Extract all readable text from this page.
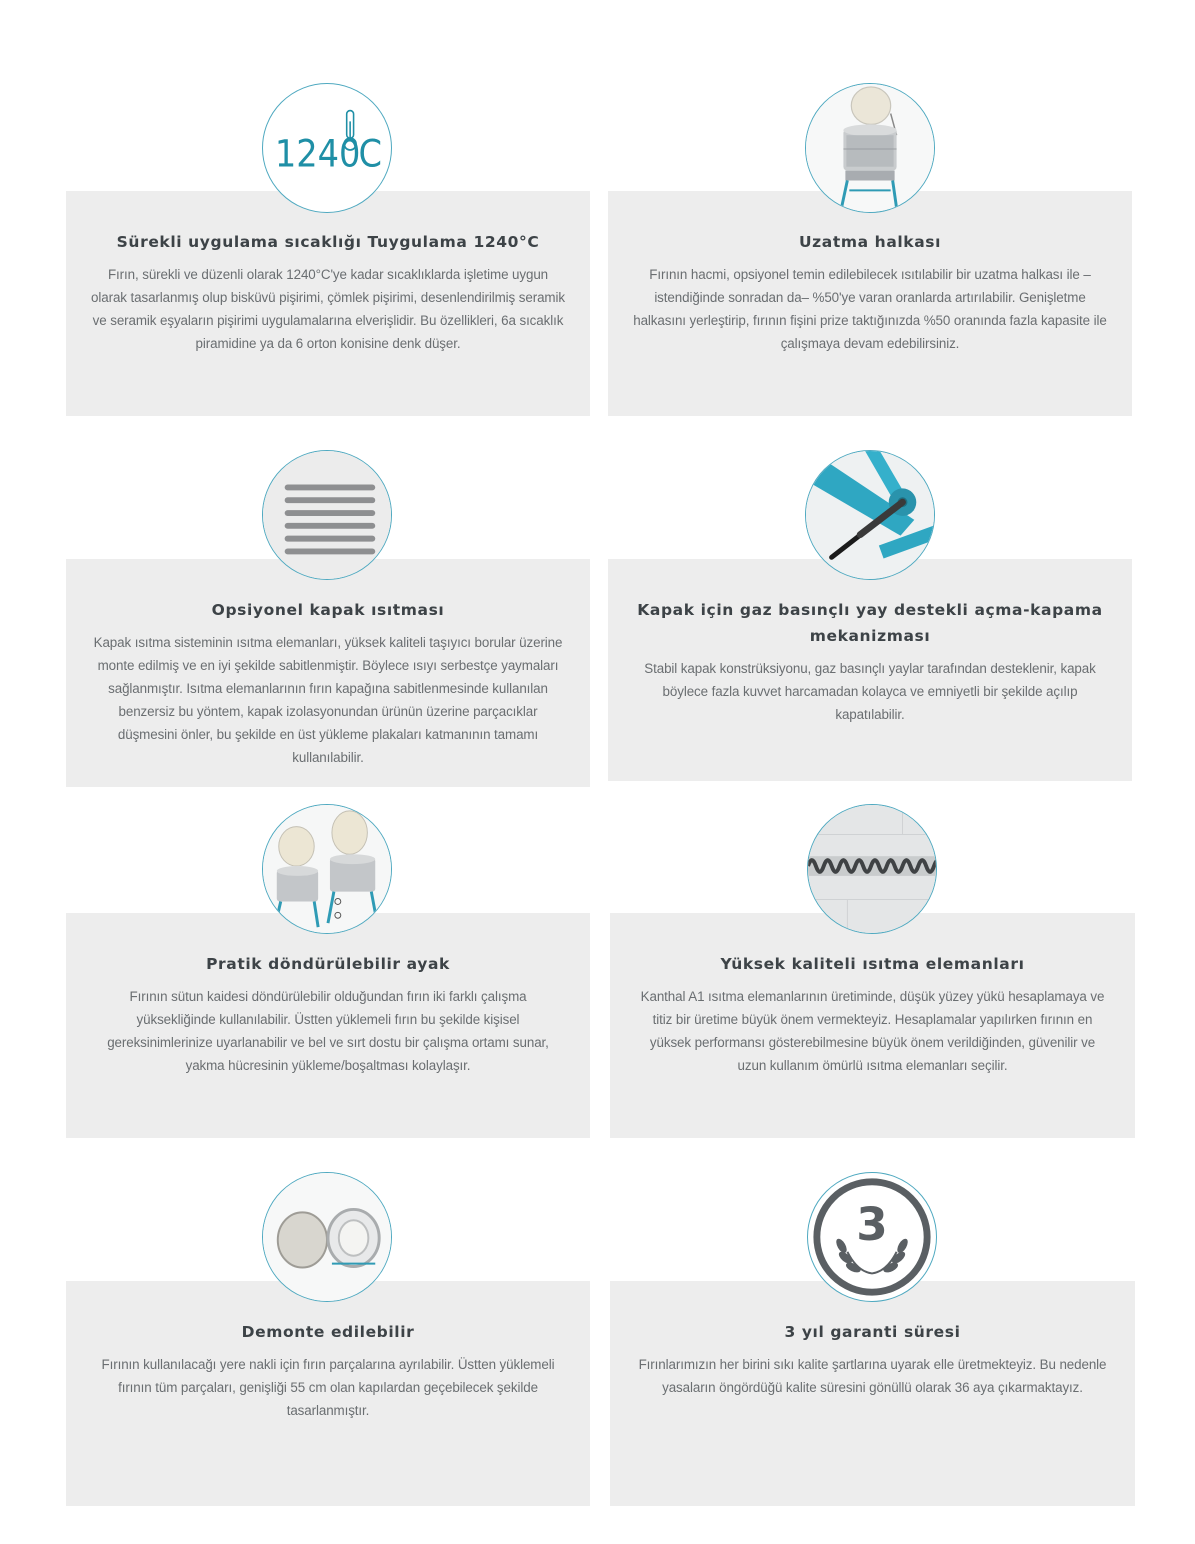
Sürekli uygulama sıcaklığı Tuygulama 1240°C

Fırın, sürekli ve düzenli olarak 1240°C'ye kadar sıcaklıklarda işletime uygun olarak tasarlanmış olup bisküvü pişirimi, çömlek pişirimi, desenlendirilmiş seramik ve seramik eşyaların pişirimi uygulamalarına elverişlidir. Bu özellikleri, 6a sıcaklık piramidine ya da 6 orton konisine denk düşer.

1240
C
Uzatma halkası

Fırının hacmi, opsiyonel temin edilebilecek ısıtılabilir bir uzatma halkası ile – istendiğinde sonradan da– %50'ye varan oranlarda artırılabilir. Genişletme halkasını yerleştirip, fırının fişini prize taktığınızda %50 oranında fazla kapasite ile çalışmaya devam edebilirsiniz.

Opsiyonel kapak ısıtması

Kapak ısıtma sisteminin ısıtma elemanları, yüksek kaliteli taşıyıcı borular üzerine monte edilmiş ve en iyi şekilde sabitlenmiştir. Böylece ısıyı serbestçe yaymaları sağlanmıştır. Isıtma elemanlarının fırın kapağına sabitlenmesinde kullanılan benzersiz bu yöntem, kapak izolasyonundan ürünün üzerine parçacıklar düşmesini önler, bu şekilde en üst yükleme plakaları katmanının tamamı kullanılabilir.

Kapak için gaz basınçlı yay destekli açma-kapama mekanizması

Stabil kapak konstrüksiyonu, gaz basınçlı yaylar tarafından desteklenir, kapak böylece fazla kuvvet harcamadan kolayca ve emniyetli bir şekilde açılıp kapatılabilir.

Pratik döndürülebilir ayak

Fırının sütun kaidesi döndürülebilir olduğundan fırın iki farklı çalışma yüksekliğinde kullanılabilir. Üstten yüklemeli fırın bu şekilde kişisel gereksinimlerinize uyarlanabilir ve bel ve sırt dostu bir çalışma ortamı sunar, yakma hücresinin yükleme/boşaltması kolaylaşır.

Yüksek kaliteli ısıtma elemanları

Kanthal A1 ısıtma elemanlarının üretiminde, düşük yüzey yükü hesaplamaya ve titiz bir üretime büyük önem vermekteyiz. Hesaplamalar yapılırken fırının en yüksek performansı gösterebilmesine büyük önem verildiğinden, güvenilir ve uzun kullanım ömürlü ısıtma elemanları seçilir.

Demonte edilebilir

Fırının kullanılacağı yere nakli için fırın parçalarına ayrılabilir. Üstten yüklemeli fırının tüm parçaları, genişliği 55 cm olan kapılardan geçebilecek şekilde tasarlanmıştır.

3 yıl garanti süresi

Fırınlarımızın her birini sıkı kalite şartlarına uyarak elle üretmekteyiz. Bu nedenle yasaların öngördüğü kalite süresini gönüllü olarak 36 aya çıkarmaktayız.

3
